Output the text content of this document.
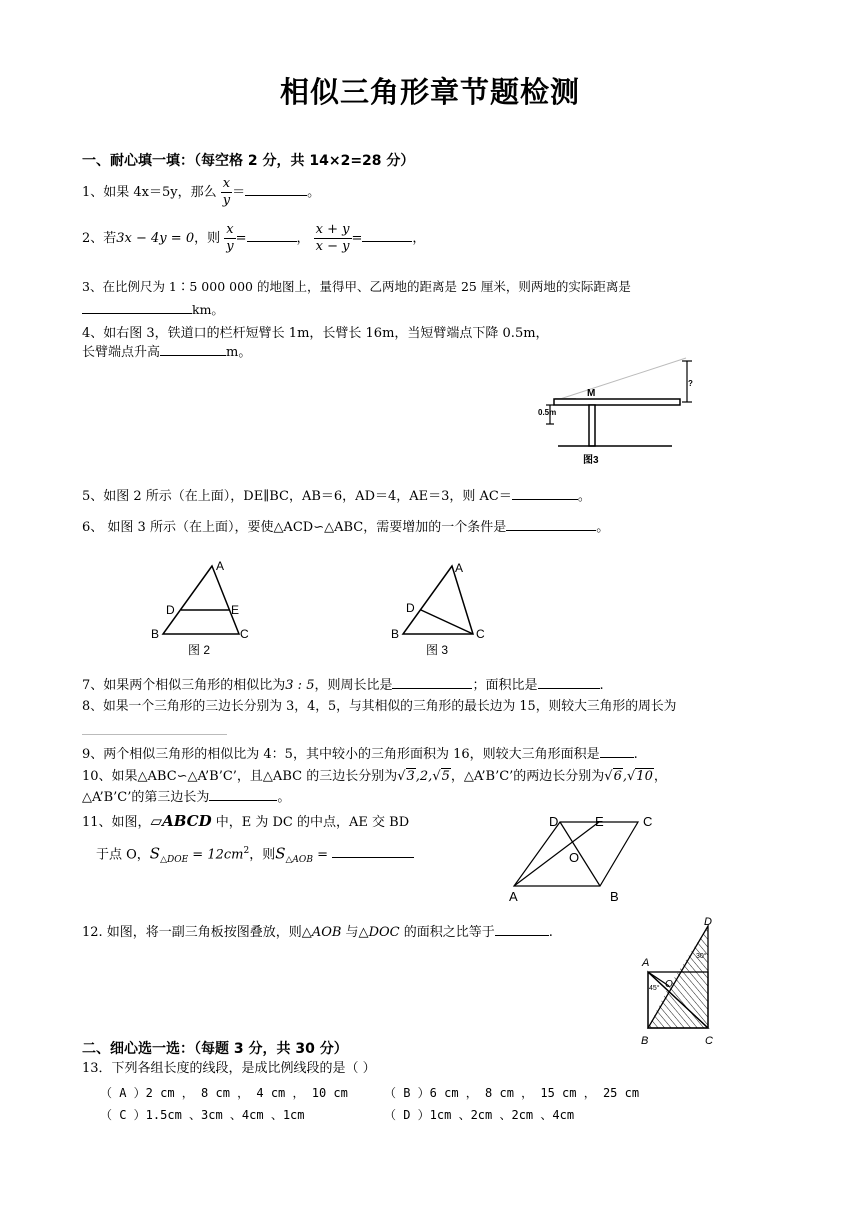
相似三角形章节题检测
一、耐心填一填：（每空格 2 分，共 14×2=28 分）
1、如果 4x＝5y，那么 $\frac{x}{y}$ ＝	。
2、若3x − 4y = 0，则 $\frac{x}{y}$ =	， $\frac{x + y}{x - y}$ =	，
3、在比例尺为 1∶5 000 000 的地图上，量得甲、乙两地的距离是 25 厘米，则两地的实际距离是
km。
4、如右图 3，铁道口的栏杆短臂长 1m，长臂长 16m，当短臂端点下降 0.5m，
长臂端点升高	m。
M
?
0.5m
图3
5、如图 2 所示（在上面），DE∥BC，AB＝6，AD＝4，AE＝3，则 AC＝	。
6、 如图 3 所示（在上面），要使△ACD∽△ABC，需要增加的一个条件是	。
A
D	E
B	C
图 2
A
D
B	C
图 3
7、如果两个相似三角形的相似比为3 : 5，则周长比是	；面积比是	.
8、如果一个三角形的三边长分别为 3，4，5，与其相似的三角形的最长边为 15，则较大三角形的周长为
9、两个相似三角形的相似比为 4：5，其中较小的三角形面积为 16，则较大三角形面积是	.
10、如果△ABC∽△A’B’C’，且△ABC 的三边长分别为√3,2,√5，△A’B’C’的两边长分别为√6,√10，
△A’B’C’的第三边长为	。
11、如图，▱ABCD 中，E 为 DC 的中点，AE 交 BD
于点 O，$S_{\triangle DOE} = 12cm^2$，则$S_{\triangle AOB}$ =
D	E	C
O
A	B
12. 如图，将一副三角板按图叠放，则△AOB 与△DOC 的面积之比等于	.
A
D
O
45°
30°
B	C
二、细心选一选：（每题 3 分，共 30 分）
13．下列各组长度的线段，是成比例线段的是（ ）
（ A ）2 cm ， 8 cm ， 4 cm ， 10 cm	（ B ）6 cm ， 8 cm ， 15 cm ， 25 cm
（ C ）1.5cm 、3cm 、4cm 、1cm	（ D ）1cm 、2cm 、2cm 、4cm
